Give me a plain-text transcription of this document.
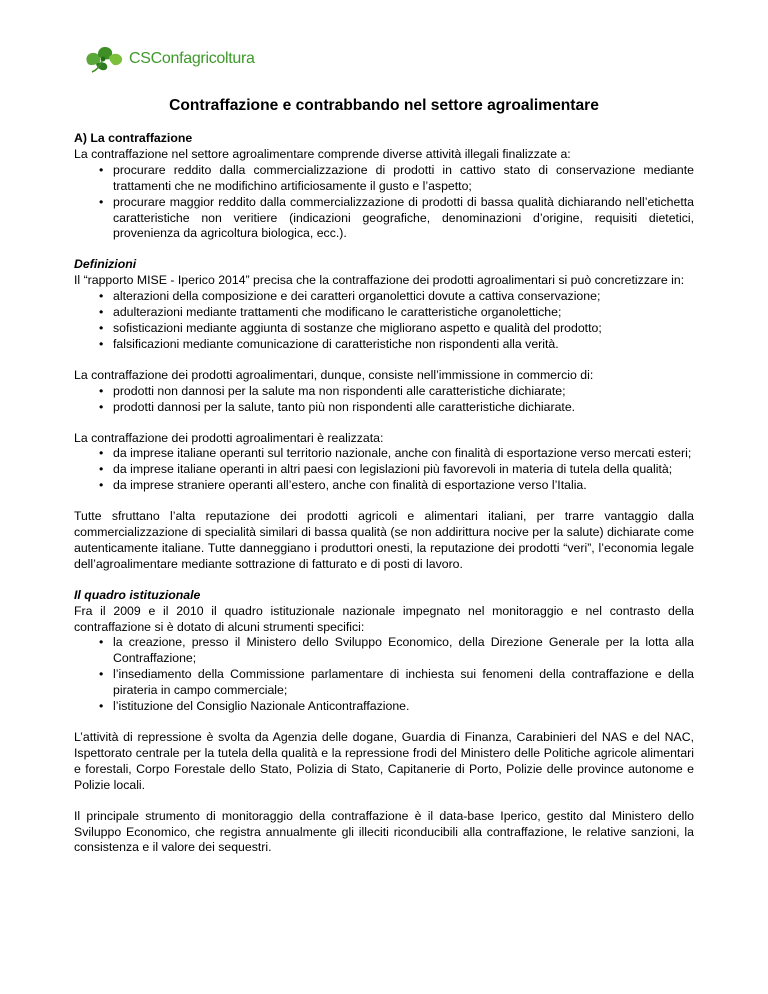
CSConfagricoltura
Contraffazione e contrabbando nel settore agroalimentare

A) La contraffazione

La contraffazione nel settore agroalimentare comprende diverse attività illegali finalizzate a:

• procurare reddito dalla commercializzazione di prodotti in cattivo stato di conservazione mediante trattamenti che ne modifichino artificiosamente il gusto e l’aspetto;
• procurare maggior reddito dalla commercializzazione di prodotti di bassa qualità dichiarando nell’etichetta caratteristiche non veritiere (indicazioni geografiche, denominazioni d’origine, requisiti dietetici, provenienza da agricoltura biologica, ecc.).

Definizioni

Il “rapporto MISE - Iperico 2014” precisa che la contraffazione dei prodotti agroalimentari si può concretizzare in:

• alterazioni della composizione e dei caratteri organolettici dovute a cattiva conservazione;
• adulterazioni mediante trattamenti che modificano le caratteristiche organolettiche;
• sofisticazioni mediante aggiunta di sostanze che migliorano aspetto e qualità del prodotto;
• falsificazioni mediante comunicazione di caratteristiche non rispondenti alla verità.

La contraffazione dei prodotti agroalimentari, dunque, consiste nell’immissione in commercio di:

• prodotti non dannosi per la salute ma non rispondenti alle caratteristiche dichiarate;
• prodotti dannosi per la salute, tanto più non rispondenti alle caratteristiche dichiarate.

La contraffazione dei prodotti agroalimentari è realizzata:

• da imprese italiane operanti sul territorio nazionale, anche con finalità di esportazione verso mercati esteri;
• da imprese italiane operanti in altri paesi con legislazioni più favorevoli in materia di tutela della qualità;
• da imprese straniere operanti all’estero, anche con finalità di esportazione verso l’Italia.

Tutte sfruttano l’alta reputazione dei prodotti agricoli e alimentari italiani, per trarre vantaggio dalla commercializzazione di specialità similari di bassa qualità (se non addirittura nocive per la salute) dichiarate come autenticamente italiane. Tutte danneggiano i produttori onesti, la reputazione dei prodotti “veri”, l’economia legale dell’agroalimentare mediante sottrazione di fatturato e di posti di lavoro.

Il quadro istituzionale

Fra il 2009 e il 2010 il quadro istituzionale nazionale impegnato nel monitoraggio e nel contrasto della contraffazione si è dotato di alcuni strumenti specifici:

• la creazione, presso il Ministero dello Sviluppo Economico, della Direzione Generale per la lotta alla Contraffazione;
• l’insediamento della Commissione parlamentare di inchiesta sui fenomeni della contraffazione e della pirateria in campo commerciale;
• l’istituzione del Consiglio Nazionale Anticontraffazione.

L’attività di repressione è svolta da Agenzia delle dogane, Guardia di Finanza, Carabinieri del NAS e del NAC, Ispettorato centrale per la tutela della qualità e la repressione frodi del Ministero delle Politiche agricole alimentari e forestali, Corpo Forestale dello Stato, Polizia di Stato, Capitanerie di Porto, Polizie delle province autonome e Polizie locali.

Il principale strumento di monitoraggio della contraffazione è il data-base Iperico, gestito dal Ministero dello Sviluppo Economico, che registra annualmente gli illeciti riconducibili alla contraffazione, le relative sanzioni, la consistenza e il valore dei sequestri.
